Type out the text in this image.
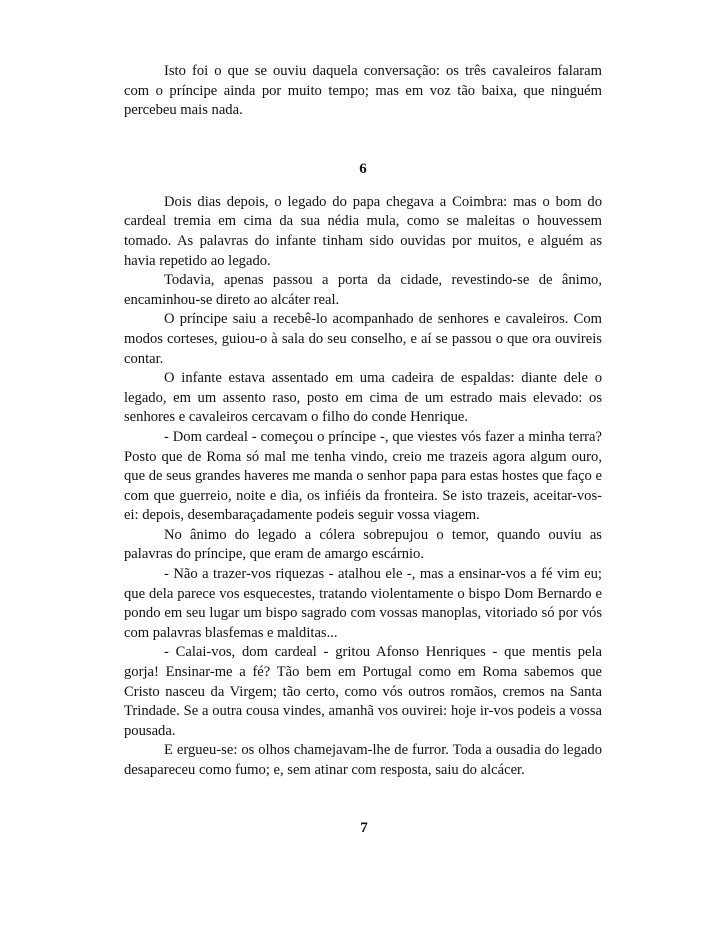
Isto foi o que se ouviu daquela conversação: os três cavaleiros falaram com o príncipe ainda por muito tempo; mas em voz tão baixa, que ninguém percebeu mais nada.

6

Dois dias depois, o legado do papa chegava a Coimbra: mas o bom do cardeal tremia em cima da sua nédia mula, como se maleitas o houvessem tomado. As palavras do infante tinham sido ouvidas por muitos, e alguém as havia repetido ao legado.

Todavia, apenas passou a porta da cidade, revestindo-se de ânimo, encaminhou-se direto ao alcáter real.

O príncipe saiu a recebê-lo acompanhado de senhores e cavaleiros. Com modos corteses, guiou-o à sala do seu conselho, e aí se passou o que ora ouvireis contar.

O infante estava assentado em uma cadeira de espaldas: diante dele o legado, em um assento raso, posto em cima de um estrado mais elevado: os senhores e cavaleiros cercavam o filho do conde Henrique.

- Dom cardeal - começou o príncipe -, que viestes vós fazer a minha terra? Posto que de Roma só mal me tenha vindo, creio me trazeis agora algum ouro, que de seus grandes haveres me manda o senhor papa para estas hostes que faço e com que guerreio, noite e dia, os infiéis da fronteira. Se isto trazeis, aceitar-vos-ei: depois, desembaraçadamente podeis seguir vossa viagem.

No ânimo do legado a cólera sobrepujou o temor, quando ouviu as palavras do príncipe, que eram de amargo escárnio.

- Não a trazer-vos riquezas - atalhou ele -, mas a ensinar-vos a fé vim eu; que dela parece vos esquecestes, tratando violentamente o bispo Dom Bernardo e pondo em seu lugar um bispo sagrado com vossas manoplas, vitoriado só por vós com palavras blasfemas e malditas...

- Calai-vos, dom cardeal - gritou Afonso Henriques - que mentis pela gorja! Ensinar-me a fé? Tão bem em Portugal como em Roma sabemos que Cristo nasceu da Virgem; tão certo, como vós outros romãos, cremos na Santa Trindade. Se a outra cousa vindes, amanhã vos ouvirei: hoje ir-vos podeis a vossa pousada.

E ergueu-se: os olhos chamejavam-lhe de furror. Toda a ousadia do legado desapareceu como fumo; e, sem atinar com resposta, saiu do alcácer.

7
